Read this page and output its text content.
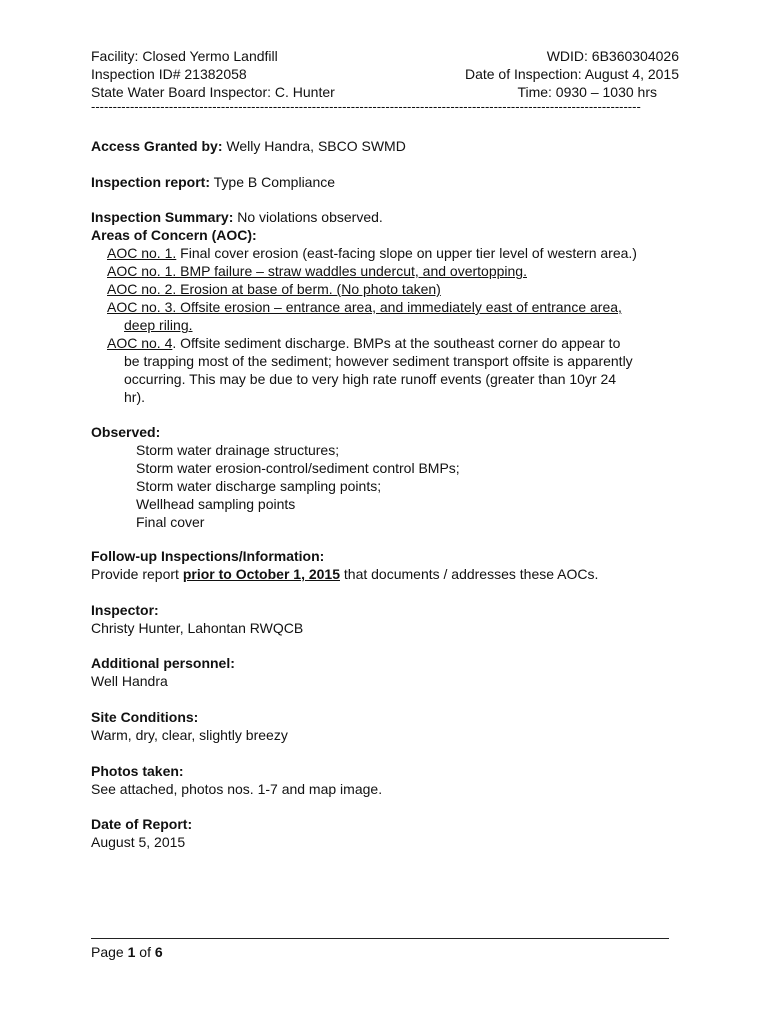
Facility: Closed Yermo Landfill	WDID: 6B360304026
Inspection ID# 21382058	Date of Inspection: August 4, 2015
State Water Board Inspector: C. Hunter	Time: 0930 – 1030 hrs
-------------------------------------------------------------------------------------------------------------------------------
Access Granted by: Welly Handra, SBCO SWMD
Inspection report: Type B Compliance
Inspection Summary: No violations observed.
Areas of Concern (AOC):
AOC no. 1. Final cover erosion (east-facing slope on upper tier level of western area.)
AOC no. 1. BMP failure – straw waddles undercut, and overtopping.
AOC no. 2. Erosion at base of berm. (No photo taken)
AOC no. 3. Offsite erosion – entrance area, and immediately east of entrance area,
deep riling.
AOC no. 4. Offsite sediment discharge. BMPs at the southeast corner do appear to
be trapping most of the sediment; however sediment transport offsite is apparently
occurring. This may be due to very high rate runoff events (greater than 10yr 24
hr).
Observed:
Storm water drainage structures;
Storm water erosion-control/sediment control BMPs;
Storm water discharge sampling points;
Wellhead sampling points
Final cover
Follow-up Inspections/Information:
Provide report prior to October 1, 2015 that documents / addresses these AOCs.
Inspector:
Christy Hunter, Lahontan RWQCB
Additional personnel:
Well Handra
Site Conditions:
Warm, dry, clear, slightly breezy
Photos taken:
See attached, photos nos. 1-7 and map image.
Date of Report:
August 5, 2015
Page 1 of 6
